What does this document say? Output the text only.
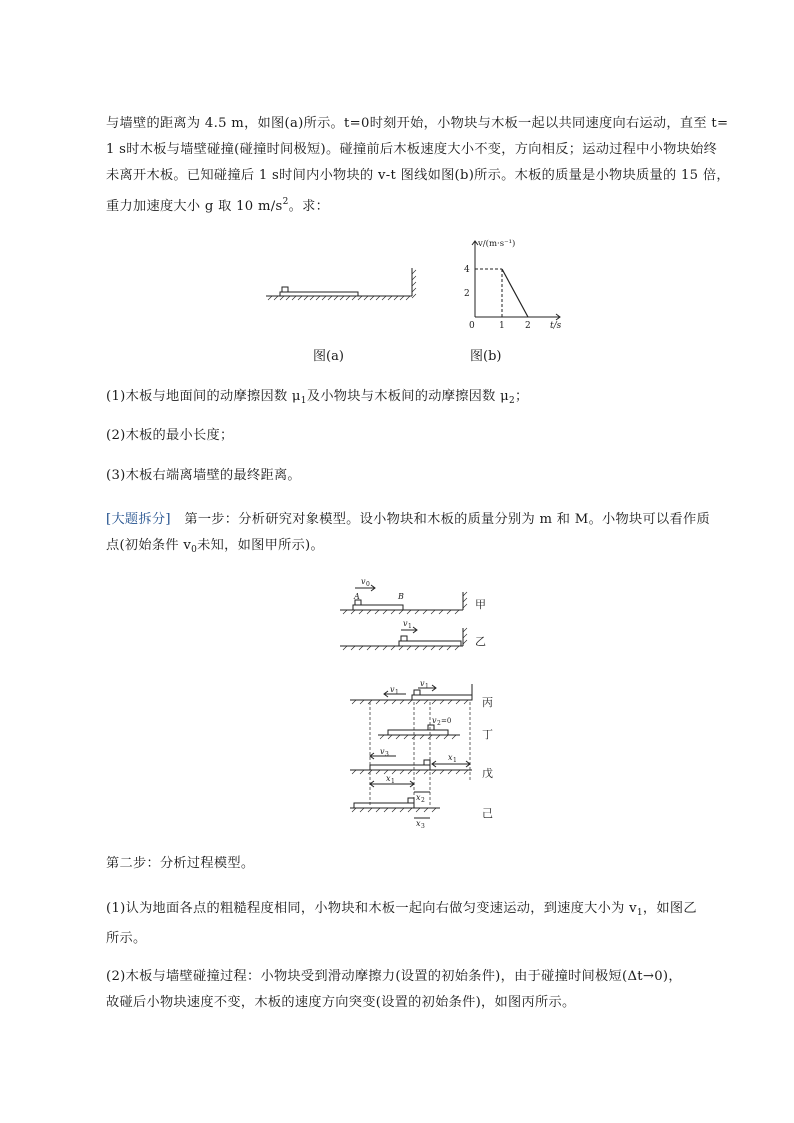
与墙壁的距离为 4.5 m，如图(a)所示。t=0时刻开始，小物块与木板一起以共同速度向右运动，直至 t=
1 s时木板与墙壁碰撞(碰撞时间极短)。碰撞前后木板速度大小不变，方向相反；运动过程中小物块始终
未离开木板。已知碰撞后 1 s时间内小物块的 v-t 图线如图(b)所示。木板的质量是小物块质量的 15 倍，
重力加速度大小 g 取 10 $m/s^2$。求：
v/(m·s⁻¹)
4
2
0	1 2 t/s
图(a)	图(b)
(1)木板与地面间的动摩擦因数 $\mu_1$及小物块与木板间的动摩擦因数 $\mu_2$；
(2)木板的最小长度；
(3)木板右端离墙壁的最终距离。
[大题拆分]　第一步：分析研究对象模型。设小物块和木板的质量分别为 m 和 M。小物块可以看作质
点(初始条件 $v_0$未知，如图甲所示)。
v 0
A	B
v 1
甲
乙
v 1
v 1
v 2 =0
v 3	x 1
x 1
x 2
x 3
丙
丁
戊
己
第二步：分析过程模型。
(1)认为地面各点的粗糙程度相同，小物块和木板一起向右做匀变速运动，到速度大小为 $v_1$，如图乙
所示。
(2)木板与墙壁碰撞过程：小物块受到滑动摩擦力(设置的初始条件)，由于碰撞时间极短(Δt→0)，
故碰后小物块速度不变，木板的速度方向突变(设置的初始条件)，如图丙所示。
